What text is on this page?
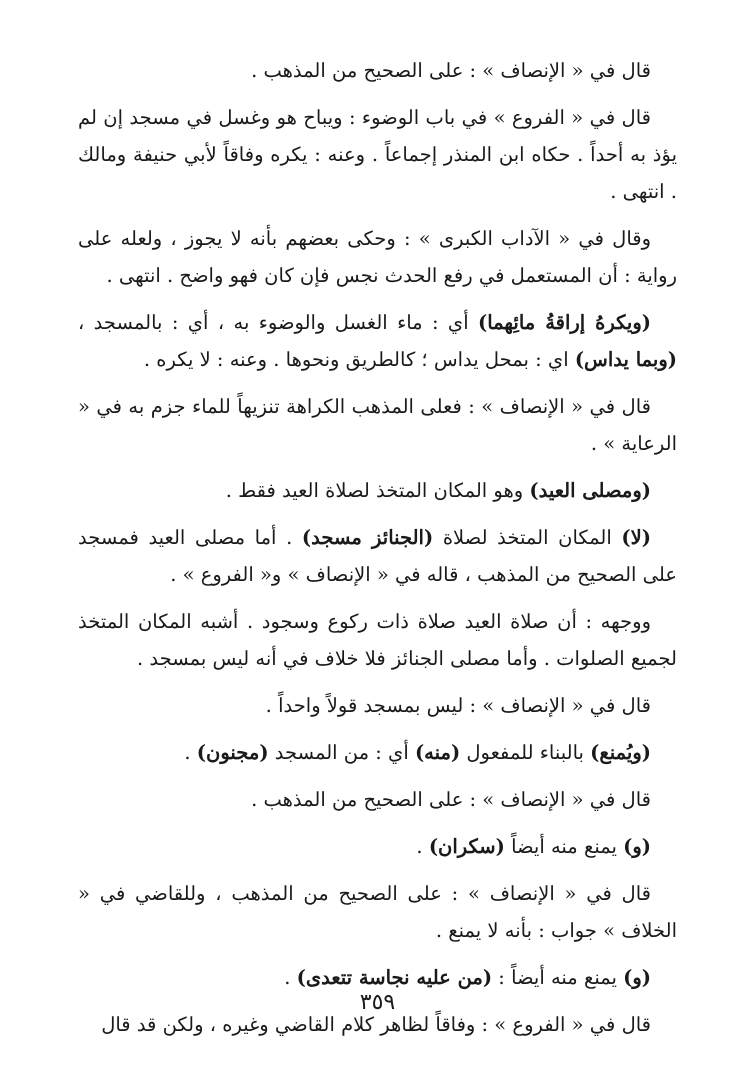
قال في « الإنصاف » : على الصحيح من المذهب .

قال في « الفروع » في باب الوضوء : ويباح هو وغسل في مسجد إن لم يؤذ به أحداً . حكاه ابن المنذر إجماعاً . وعنه : يكره وفاقاً لأبي حنيفة ومالك . انتهى .

وقال في « الآداب الكبرى » : وحكى بعضهم بأنه لا يجوز ، ولعله على رواية : أن المستعمل في رفع الحدث نجس فإن كان فهو واضح . انتهى .

(ويكرهُ إراقةُ مائِهما) أي : ماء الغسل والوضوء به ، أي : بالمسجد ، (وبما يداس) اي : بمحل يداس ؛ كالطريق ونحوها . وعنه : لا يكره .

قال في « الإنصاف » : فعلى المذهب الكراهة تنزيهاً للماء جزم به في « الرعاية » .

(ومصلى العيد) وهو المكان المتخذ لصلاة العيد فقط .

(لا) المكان المتخذ لصلاة (الجنائز مسجد) . أما مصلى العيد فمسجد على الصحيح من المذهب ، قاله في « الإنصاف » و« الفروع » .

ووجهه : أن صلاة العيد صلاة ذات ركوع وسجود . أشبه المكان المتخذ لجميع الصلوات . وأما مصلى الجنائز فلا خلاف في أنه ليس بمسجد .

قال في « الإنصاف » : ليس بمسجد قولاً واحداً .

(ويُمنع) بالبناء للمفعول (منه) أي : من المسجد (مجنون) .

قال في « الإنصاف » : على الصحيح من المذهب .

(و) يمنع منه أيضاً (سكران) .

قال في « الإنصاف » : على الصحيح من المذهب ، وللقاضي في « الخلاف » جواب : بأنه لا يمنع .

(و) يمنع منه أيضاً : (من عليه نجاسة تتعدى) .

قال في « الفروع » : وفاقاً لظاهر كلام القاضي وغيره ، ولكن قد قال

٣٥٩
